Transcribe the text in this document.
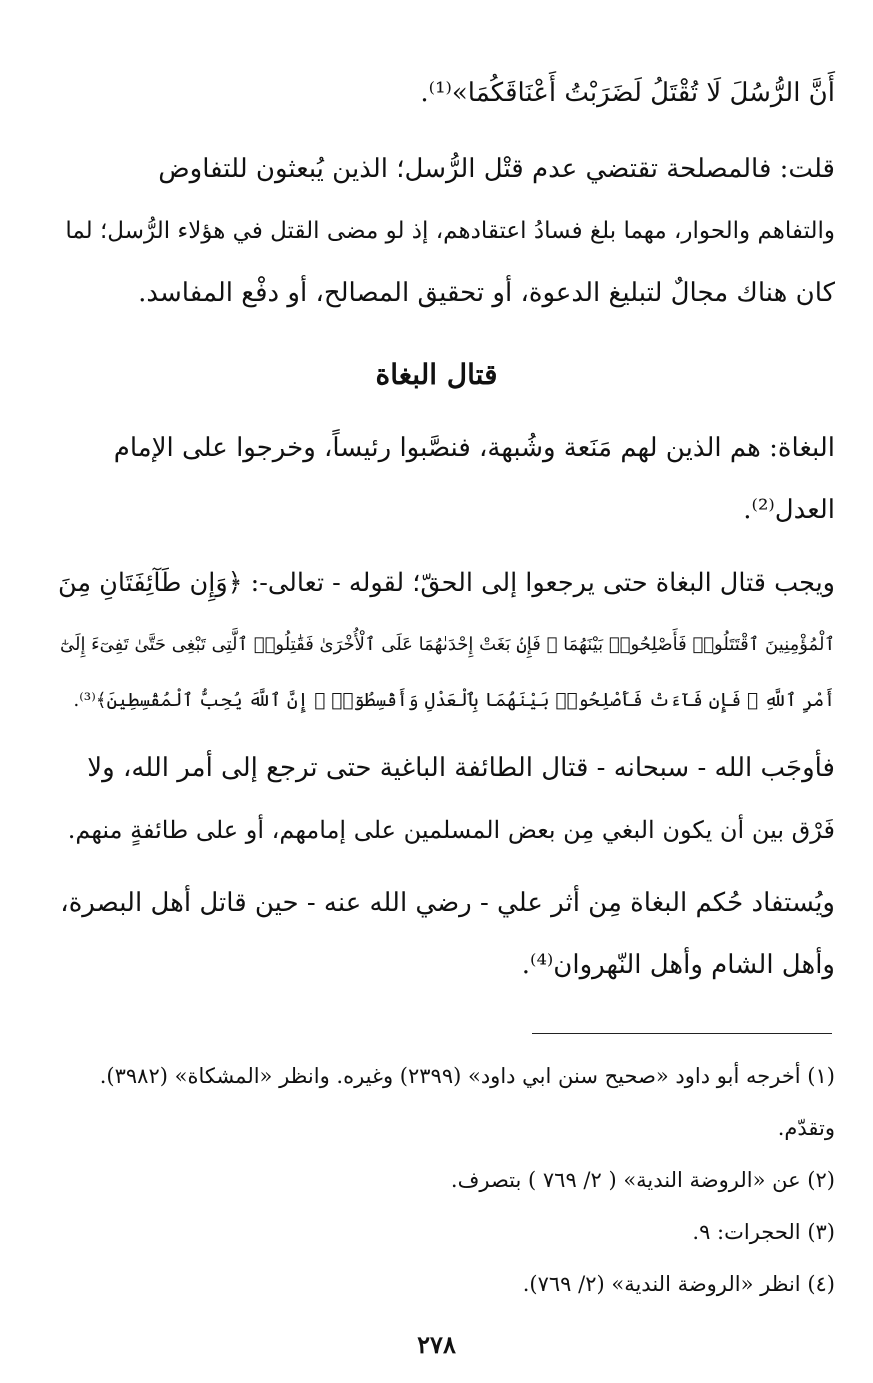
أَنَّ الرُّسُلَ لَا تُقْتَلُ لَضَرَبْتُ أَعْنَاقَكُمَا»⁽¹⁾.
قلت: فالمصلحة تقتضي عدم قتْل الرُّسل؛ الذين يُبعثون للتفاوض
والتفاهم والحوار، مهما بلغ فسادُ اعتقادهم، إذ لو مضى القتل في هؤلاء الرُّسل؛ لما
كان هناك مجالٌ لتبليغ الدعوة، أو تحقيق المصالح، أو دفْع المفاسد.
قتال البغاة
البغاة: هم الذين لهم مَنَعة وشُبهة، فنصَّبوا رئيساً، وخرجوا على الإمام
العدل⁽²⁾.
ويجب قتال البغاة حتى يرجعوا إلى الحقّ؛ لقوله - تعالى-: ﴿وَإِن طَآئِفَتَانِ مِنَ
ٱلْمُؤْمِنِينَ ٱقْتَتَلُوا۟ فَأَصْلِحُوا۟ بَيْنَهُمَا ۖ فَإِنۢ بَغَتْ إِحْدَىٰهُمَا عَلَى ٱلْأُخْرَىٰ فَقَٰتِلُوا۟ ٱلَّتِى تَبْغِى حَتَّىٰ تَفِىٓءَ إِلَىٰٓ
أَمْرِ ٱللَّهِ ۚ فَإِن فَآءَتْ فَأَصْلِحُوا۟ بَيْنَهُمَا بِٱلْعَدْلِ وَأَقْسِطُوٓا۟ ۖ إِنَّ ٱللَّهَ يُحِبُّ ٱلْمُقْسِطِينَ﴾⁽³⁾.
فأوجَب الله - سبحانه - قتال الطائفة الباغية حتى ترجع إلى أمر الله، ولا
فَرْق بين أن يكون البغي مِن بعض المسلمين على إمامهم، أو على طائفةٍ منهم.
ويُستفاد حُكم البغاة مِن أثر علي - رضي الله عنه - حين قاتل أهل البصرة،
وأهل الشام وأهل النّهروان⁽⁴⁾.
(١) أخرجه أبو داود «صحيح سنن ابي داود» (٢٣٩٩) وغيره. وانظر «المشكاة» (٣٩٨٢).
وتقدّم.
(٢) عن «الروضة الندية» ( ٢/ ٧٦٩ ) بتصرف.
(٣) الحجرات: ٩.
(٤) انظر «الروضة الندية» (٢/ ٧٦٩).
٢٧٨
